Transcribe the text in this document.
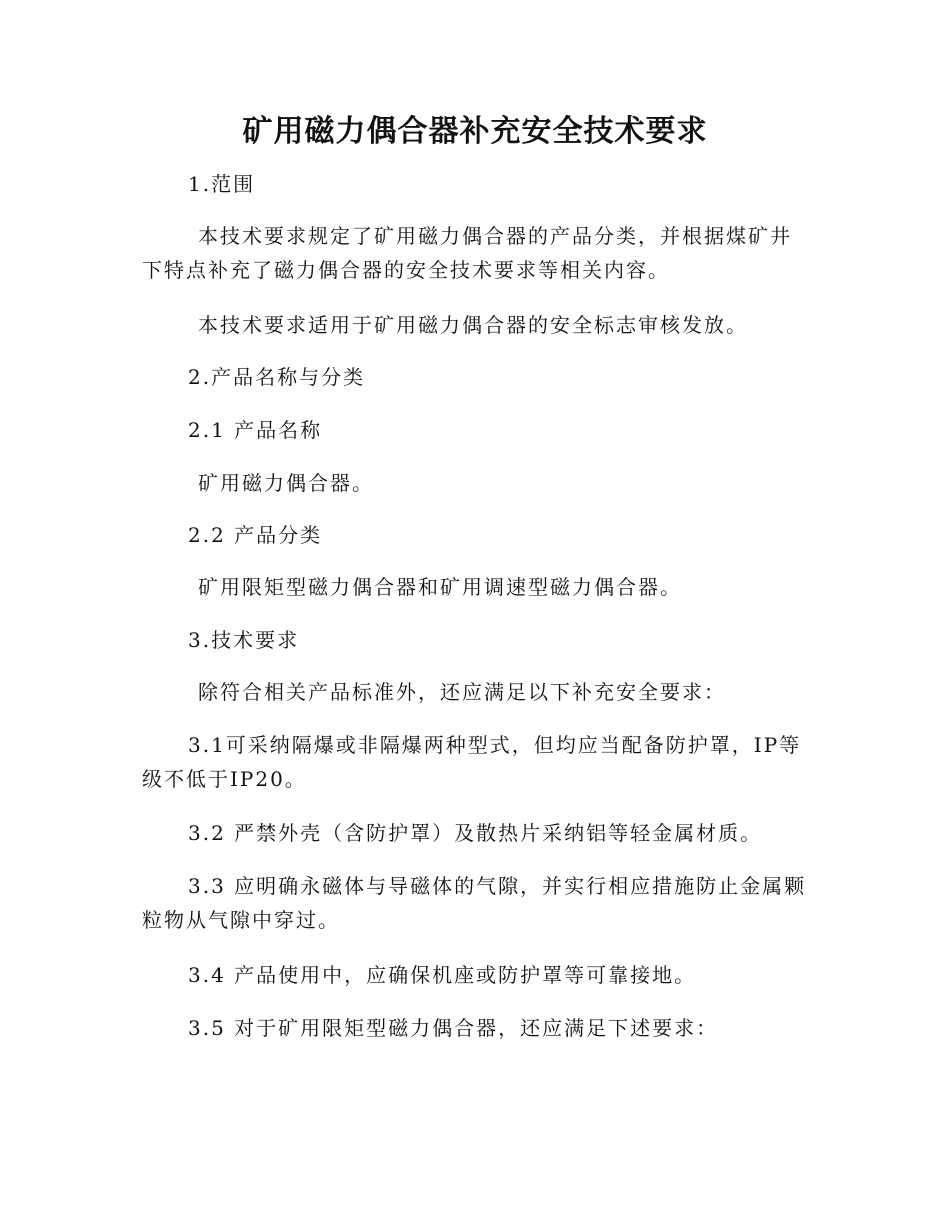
矿用磁力偶合器补充安全技术要求

1.范围

本技术要求规定了矿用磁力偶合器的产品分类，并根据煤矿井下特点补充了磁力偶合器的安全技术要求等相关内容。

本技术要求适用于矿用磁力偶合器的安全标志审核发放。

2.产品名称与分类

2.1 产品名称

矿用磁力偶合器。

2.2 产品分类

矿用限矩型磁力偶合器和矿用调速型磁力偶合器。

3.技术要求

除符合相关产品标准外，还应满足以下补充安全要求：

3.1可采纳隔爆或非隔爆两种型式，但均应当配备防护罩，IP等级不低于IP20。

3.2 严禁外壳（含防护罩）及散热片采纳铝等轻金属材质。

3.3 应明确永磁体与导磁体的气隙，并实行相应措施防止金属颗粒物从气隙中穿过。

3.4 产品使用中，应确保机座或防护罩等可靠接地。

3.5 对于矿用限矩型磁力偶合器，还应满足下述要求：
